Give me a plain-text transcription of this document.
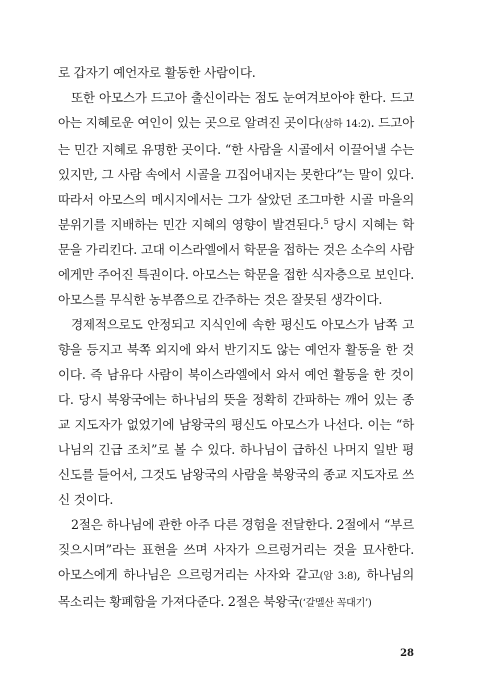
로 갑자기 예언자로 활동한 사람이다.

또한 아모스가 드고아 출신이라는 점도 눈여겨보아야 한다. 드고아는 지혜로운 여인이 있는 곳으로 알려진 곳이다(삼하 14:2). 드고아는 민간 지혜로 유명한 곳이다. “한 사람을 시골에서 이끌어낼 수는 있지만, 그 사람 속에서 시골을 끄집어내지는 못한다”는 말이 있다. 따라서 아모스의 메시지에서는 그가 살았던 조그마한 시골 마을의 분위기를 지배하는 민간 지혜의 영향이 발견된다.$^5$ 당시 지혜는 학문을 가리킨다. 고대 이스라엘에서 학문을 접하는 것은 소수의 사람에게만 주어진 특권이다. 아모스는 학문을 접한 식자층으로 보인다. 아모스를 무식한 농부쯤으로 간주하는 것은 잘못된 생각이다.

경제적으로도 안정되고 지식인에 속한 평신도 아모스가 남쪽 고향을 등지고 북쪽 외지에 와서 반기지도 않는 예언자 활동을 한 것이다. 즉 남유다 사람이 북이스라엘에서 와서 예언 활동을 한 것이다. 당시 북왕국에는 하나님의 뜻을 정확히 간파하는 깨어 있는 종교 지도자가 없었기에 남왕국의 평신도 아모스가 나선다. 이는 “하나님의 긴급 조치”로 볼 수 있다. 하나님이 급하신 나머지 일반 평신도를 들어서, 그것도 남왕국의 사람을 북왕국의 종교 지도자로 쓰신 것이다.

2절은 하나님에 관한 아주 다른 경험을 전달한다. 2절에서 “부르짖으시며”라는 표현을 쓰며 사자가 으르렁거리는 것을 묘사한다. 아모스에게 하나님은 으르렁거리는 사자와 같고(암 3:8), 하나님의 목소리는 황폐함을 가져다준다. 2절은 북왕국(‘갈멜산 꼭대기’)

28
